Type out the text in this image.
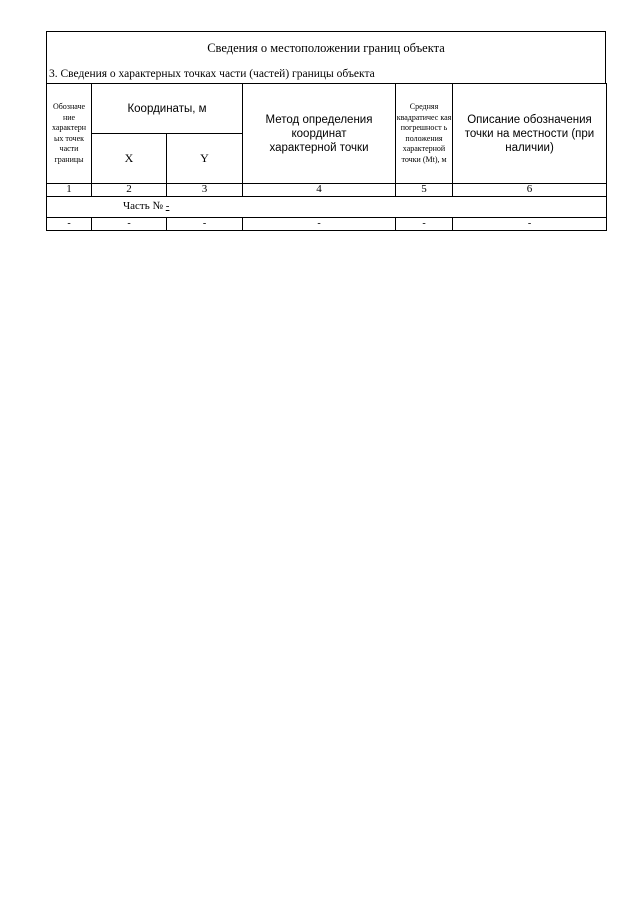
Сведения о местоположении границ объекта
3. Сведения о характерных точках части (частей) границы объекта
Обозначе ние характерн ых точек части границы	Координаты, м		Метод определения координат характерной точки	Средняя квадратичес кая погрешност ь положения характерной точки (Mt), м	Описание обозначения точки на местности (при наличии)
	X	Y			
1	2	3	4	5	6
Часть № -					
-	-	-	-	-	-
